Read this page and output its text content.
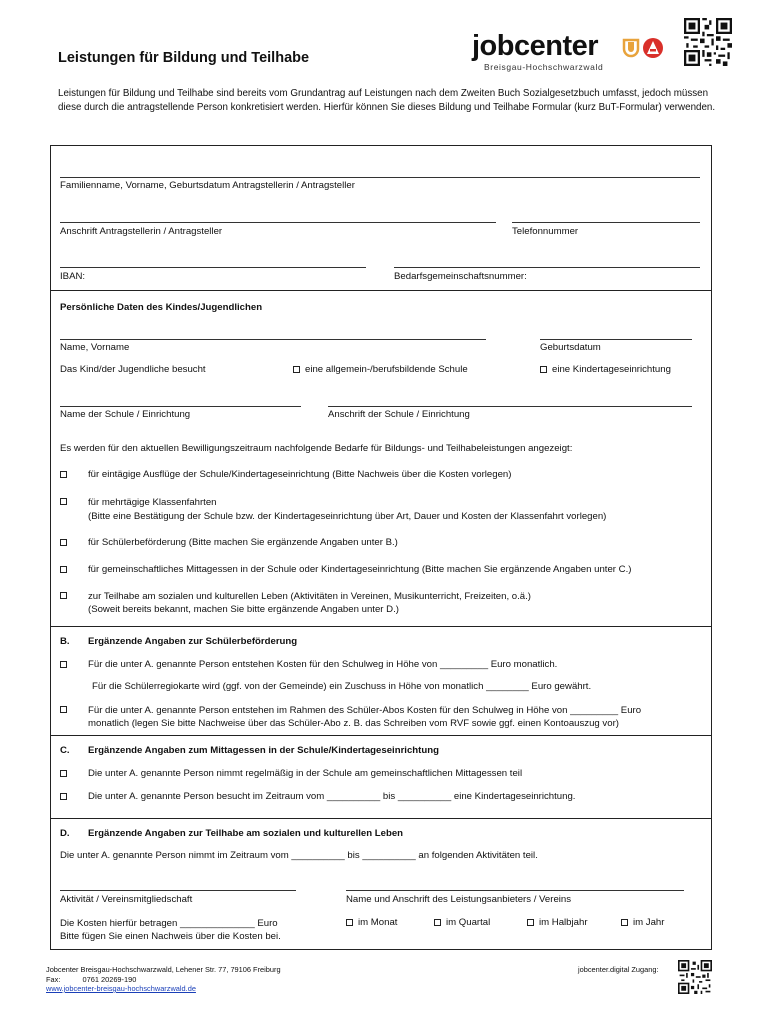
Leistungen für Bildung und Teilhabe	jobcenter
Breisgau-Hochschwarzwald
Leistungen für Bildung und Teilhabe sind bereits vom Grundantrag auf Leistungen nach dem Zweiten Buch Sozialgesetzbuch umfasst, jedoch müssen diese durch die antragstellende Person konkretisiert werden. Hierfür können Sie dieses Bildung und Teilhabe Formular (kurz BuT-Formular) verwenden.
Familienname, Vorname, Geburtsdatum Antragstellerin / Antragsteller
Anschrift Antragstellerin / Antragsteller	Telefonnummer
IBAN:	Bedarfsgemeinschaftsnummer:
Persönliche Daten des Kindes/Jugendlichen
Name, Vorname	Geburtsdatum
Das Kind/der Jugendliche besucht	eine allgemein-/berufsbildende Schule	eine Kindertageseinrichtung
Name der Schule / Einrichtung	Anschrift der Schule / Einrichtung
Es werden für den aktuellen Bewilligungszeitraum nachfolgende Bedarfe für Bildungs- und Teilhabeleistungen angezeigt:
für eintägige Ausflüge der Schule/Kindertageseinrichtung (Bitte Nachweis über die Kosten vorlegen)
für mehrtägige Klassenfahrten
(Bitte eine Bestätigung der Schule bzw. der Kindertageseinrichtung über Art, Dauer und Kosten der Klassenfahrt vorlegen)
für Schülerbeförderung (Bitte machen Sie ergänzende Angaben unter B.)
für gemeinschaftliches Mittagessen in der Schule oder Kindertageseinrichtung (Bitte machen Sie ergänzende Angaben unter C.)
zur Teilhabe am sozialen und kulturellen Leben (Aktivitäten in Vereinen, Musikunterricht, Freizeiten, o.ä.)
(Soweit bereits bekannt, machen Sie bitte ergänzende Angaben unter D.)
B. Ergänzende Angaben zur Schülerbeförderung
Für die unter A. genannte Person entstehen Kosten für den Schulweg in Höhe von _________ Euro monatlich.
Für die Schülerregiokarte wird (ggf. von der Gemeinde) ein Zuschuss in Höhe von monatlich ________ Euro gewährt.
Für die unter A. genannte Person entstehen im Rahmen des Schüler-Abos Kosten für den Schulweg in Höhe von _________ Euro
monatlich (legen Sie bitte Nachweise über das Schüler-Abo z. B. das Schreiben vom RVF sowie ggf. einen Kontoauszug vor)
C. Ergänzende Angaben zum Mittagessen in der Schule/Kindertageseinrichtung
Die unter A. genannte Person nimmt regelmäßig in der Schule am gemeinschaftlichen Mittagessen teil
Die unter A. genannte Person besucht im Zeitraum vom __________ bis __________ eine Kindertageseinrichtung.
D. Ergänzende Angaben zur Teilhabe am sozialen und kulturellen Leben
Die unter A. genannte Person nimmt im Zeitraum vom __________ bis __________ an folgenden Aktivitäten teil.
Aktivität / Vereinsmitgliedschaft	Name und Anschrift des Leistungsanbieters / Vereins
Die Kosten hierfür betragen ______________ Euro
Bitte fügen Sie einen Nachweis über die Kosten bei.
im Monat	im Quartal	im Halbjahr	im Jahr
Jobcenter Breisgau-Hochschwarzwald, Lehener Str. 77, 79106 Freiburg
Fax:	0761 20269-190
www.jobcenter-breisgau-hochschwarzwald.de
jobcenter.digital Zugang:
